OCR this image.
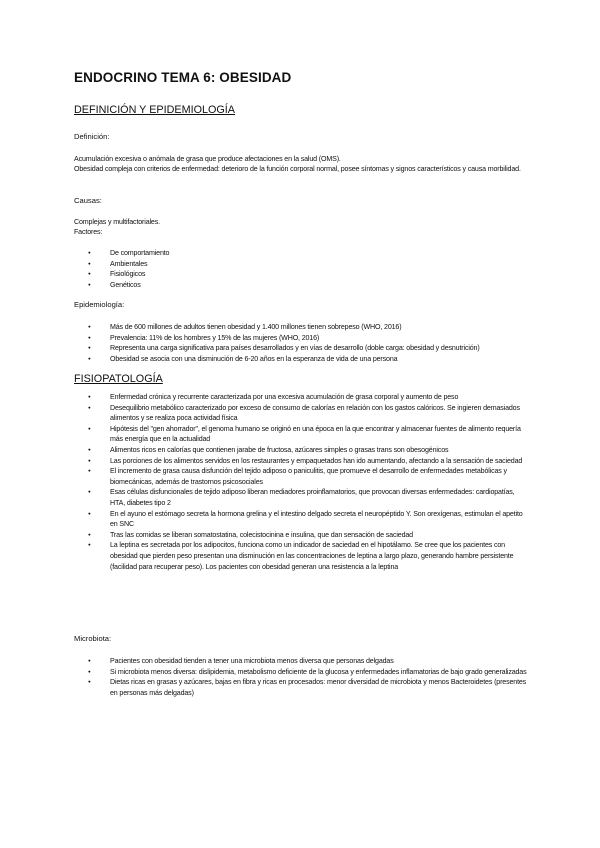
ENDOCRINO TEMA 6: OBESIDAD
DEFINICIÓN Y EPIDEMIOLOGÍA
Definición:
Acumulación excesiva o anómala de grasa que produce afectaciones en la salud (OMS).
Obesidad compleja con criterios de enfermedad: deterioro de la función corporal normal, posee síntomas y signos característicos y causa morbilidad.
Causas:
Complejas y multifactoriales.
Factores:
● De comportamiento
● Ambientales
● Fisiológicos
● Genéticos
Epidemiología:
● Más de 600 millones de adultos tienen obesidad y 1.400 millones tienen sobrepeso (WHO, 2016)
● Prevalencia: 11% de los hombres y 15% de las mujeres (WHO, 2016)
● Representa una carga significativa para países desarrollados y en vías de desarrollo (doble carga: obesidad y desnutrición)
● Obesidad se asocia con una disminución de 6-20 años en la esperanza de vida de una persona
FISIOPATOLOGÍA
● Enfermedad crónica y recurrente caracterizada por una excesiva acumulación de grasa corporal y aumento de peso
● Desequilibrio metabólico caracterizado por exceso de consumo de calorías en relación con los gastos calóricos. Se ingieren demasiados alimentos y se realiza poca actividad física
● Hipótesis del "gen ahorrador", el genoma humano se originó en una época en la que encontrar y almacenar fuentes de alimento requería más energía que en la actualidad
● Alimentos ricos en calorías que contienen jarabe de fructosa, azúcares simples o grasas trans son obesogénicos
● Las porciones de los alimentos servidos en los restaurantes y empaquetados han ido aumentando, afectando a la sensación de saciedad
● El incremento de grasa causa disfunción del tejido adiposo o paniculitis, que promueve el desarrollo de enfermedades metabólicas y biomecánicas, además de trastornos psicosociales
● Esas células disfuncionales de tejido adiposo liberan mediadores proinflamatorios, que provocan diversas enfermedades: cardiopatías, HTA, diabetes tipo 2
● En el ayuno el estómago secreta la hormona grelina y el intestino delgado secreta el neuropéptido Y. Son orexígenas, estimulan el apetito en SNC
● Tras las comidas se liberan somatostatina, colecistocinina e insulina, que dan sensación de saciedad
● La leptina es secretada por los adipocitos, funciona como un indicador de saciedad en el hipotálamo. Se cree que los pacientes con obesidad que pierden peso presentan una disminución en las concentraciones de leptina a largo plazo, generando hambre persistente (facilidad para recuperar peso). Los pacientes con obesidad generan una resistencia a la leptina
Microbiota:
● Pacientes con obesidad tienden a tener una microbiota menos diversa que personas delgadas
● Si microbiota menos diversa: dislipidemia, metabolismo deficiente de la glucosa y enfermedades inflamatorias de bajo grado generalizadas
● Dietas ricas en grasas y azúcares, bajas en fibra y ricas en procesados: menor diversidad de microbiota y menos Bacteroidetes (presentes en personas más delgadas)
